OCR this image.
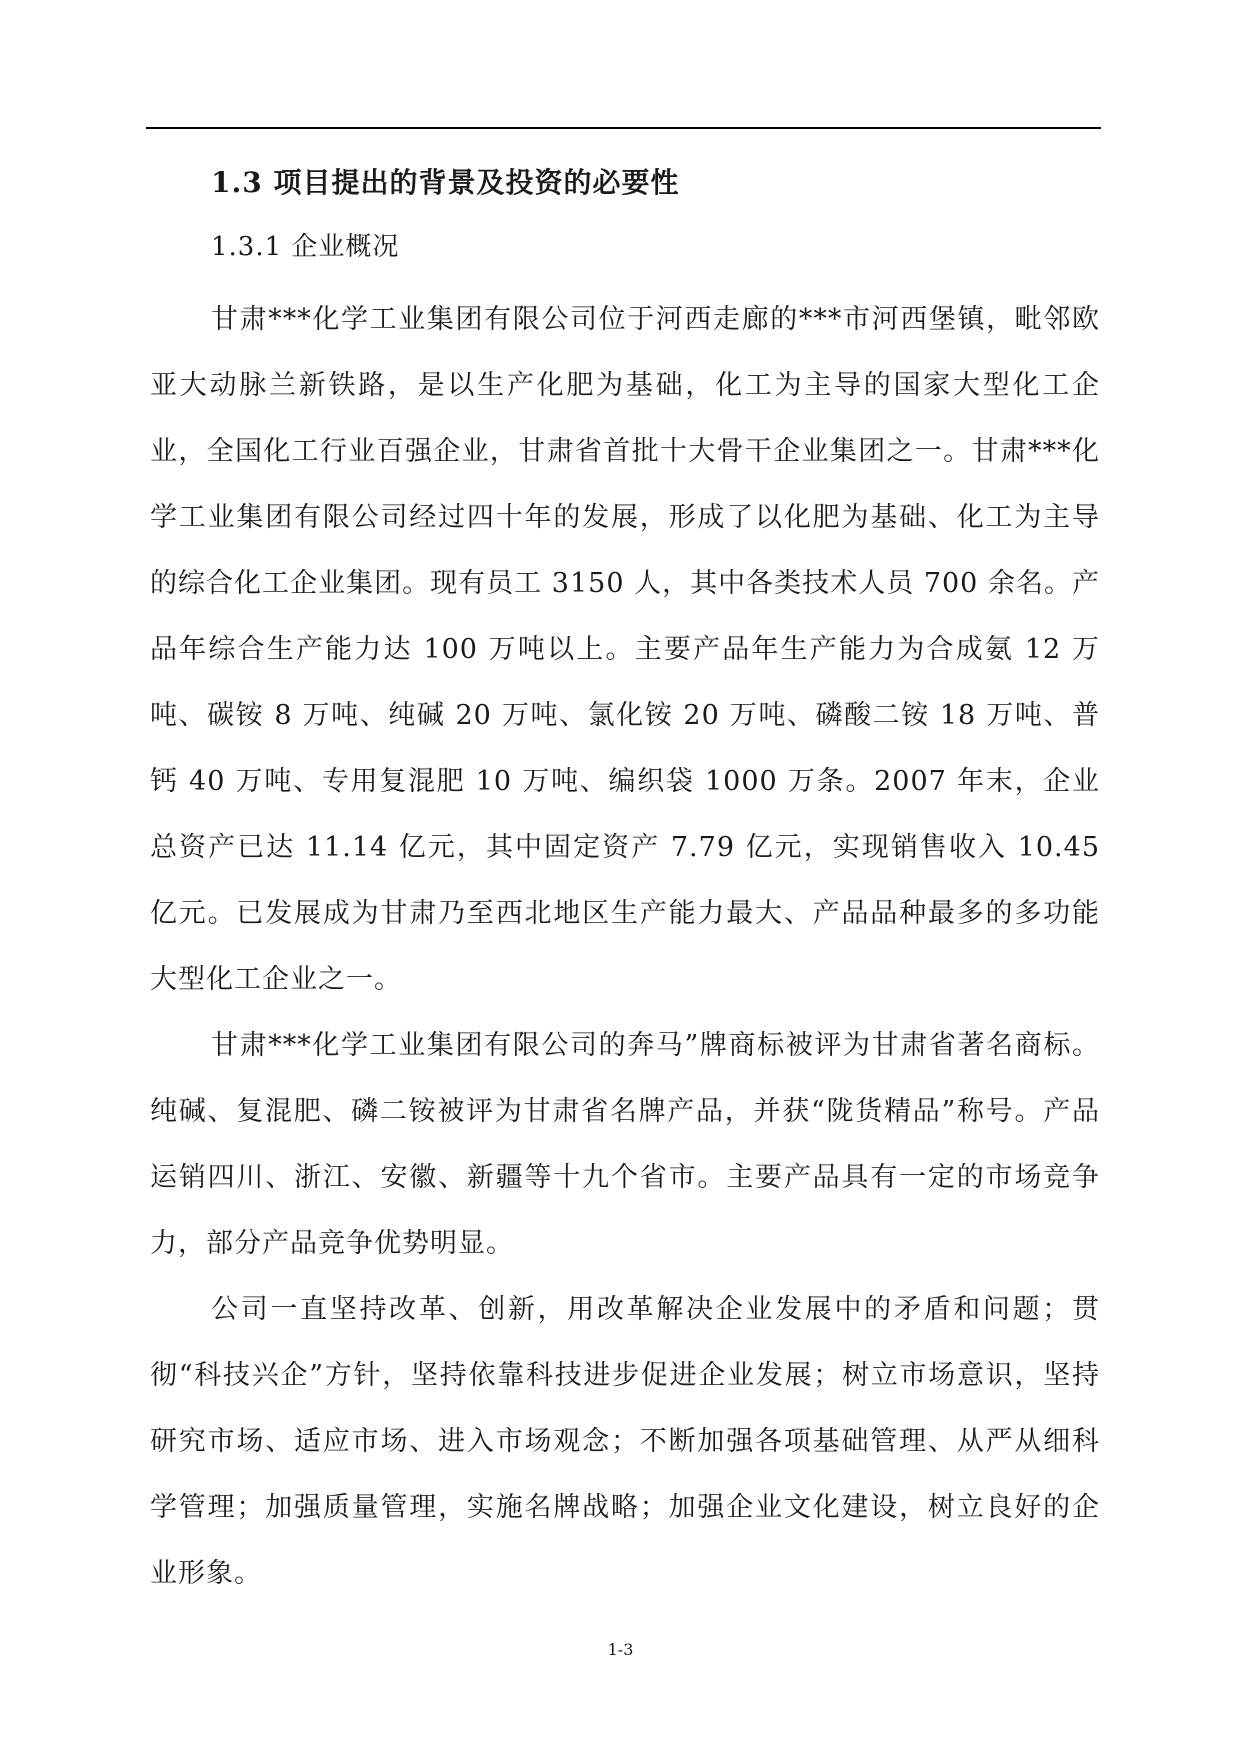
1.3 项目提出的背景及投资的必要性
1.3.1 企业概况

甘肃***化学工业集团有限公司位于河西走廊的***市河西堡镇，毗邻欧亚大动脉兰新铁路，是以生产化肥为基础，化工为主导的国家大型化工企业，全国化工行业百强企业，甘肃省首批十大骨干企业集团之一。甘肃***化学工业集团有限公司经过四十年的发展，形成了以化肥为基础、化工为主导的综合化工企业集团。现有员工 3150 人，其中各类技术人员 700 余名。产品年综合生产能力达 100 万吨以上。主要产品年生产能力为合成氨 12 万吨、碳铵 8 万吨、纯碱 20 万吨、氯化铵 20 万吨、磷酸二铵 18 万吨、普钙 40 万吨、专用复混肥 10 万吨、编织袋 1000 万条。2007 年末，企业总资产已达 11.14 亿元，其中固定资产 7.79 亿元，实现销售收入 10.45 亿元。已发展成为甘肃乃至西北地区生产能力最大、产品品种最多的多功能大型化工企业之一。

甘肃***化学工业集团有限公司的奔马”牌商标被评为甘肃省著名商标。纯碱、复混肥、磷二铵被评为甘肃省名牌产品，并获“陇货精品”称号。产品运销四川、浙江、安徽、新疆等十九个省市。主要产品具有一定的市场竞争力，部分产品竞争优势明显。

公司一直坚持改革、创新，用改革解决企业发展中的矛盾和问题；贯彻“科技兴企”方针，坚持依靠科技进步促进企业发展；树立市场意识，坚持研究市场、适应市场、进入市场观念；不断加强各项基础管理、从严从细科学管理；加强质量管理，实施名牌战略；加强企业文化建设，树立良好的企业形象。

1-3
